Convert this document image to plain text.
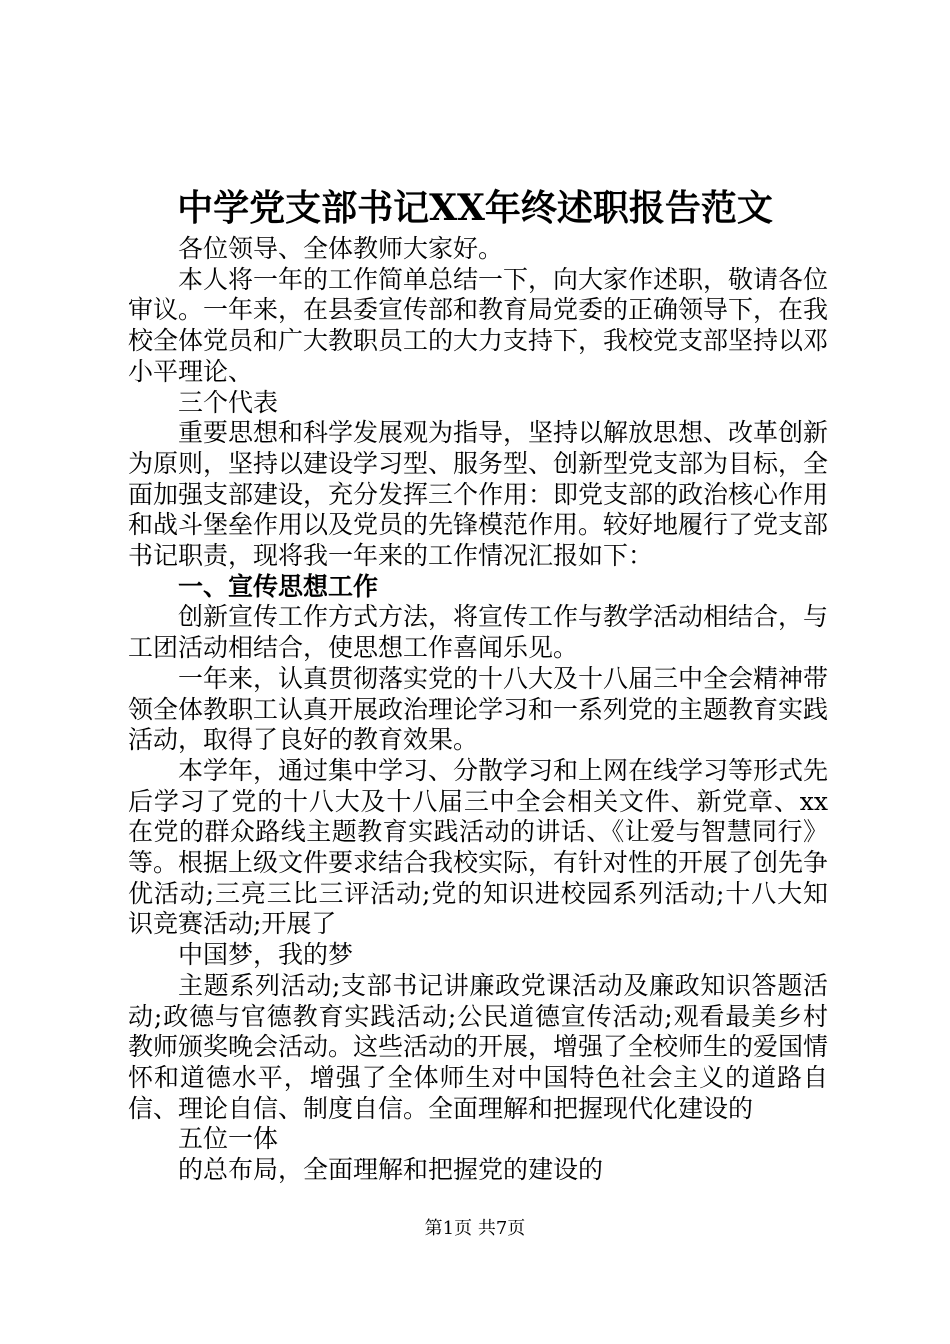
中学党支部书记XX年终述职报告范文

各位领导、全体教师大家好。

本人将一年的工作简单总结一下，向大家作述职，敬请各位审议。一年来，在县委宣传部和教育局党委的正确领导下，在我校全体党员和广大教职员工的大力支持下，我校党支部坚持以邓小平理论、

三个代表

重要思想和科学发展观为指导，坚持以解放思想、改革创新为原则，坚持以建设学习型、服务型、创新型党支部为目标，全面加强支部建设，充分发挥三个作用：即党支部的政治核心作用和战斗堡垒作用以及党员的先锋模范作用。较好地履行了党支部书记职责，现将我一年来的工作情况汇报如下：

一、宣传思想工作

创新宣传工作方式方法，将宣传工作与教学活动相结合，与工团活动相结合，使思想工作喜闻乐见。

一年来，认真贯彻落实党的十八大及十八届三中全会精神带领全体教职工认真开展政治理论学习和一系列党的主题教育实践活动，取得了良好的教育效果。

本学年，通过集中学习、分散学习和上网在线学习等形式先后学习了党的十八大及十八届三中全会相关文件、新党章、xx在党的群众路线主题教育实践活动的讲话、《让爱与智慧同行》等。根据上级文件要求结合我校实际，有针对性的开展了创先争优活动;三亮三比三评活动;党的知识进校园系列活动;十八大知识竞赛活动;开展了

中国梦，我的梦

主题系列活动;支部书记讲廉政党课活动及廉政知识答题活动;政德与官德教育实践活动;公民道德宣传活动;观看最美乡村教师颁奖晚会活动。这些活动的开展，增强了全校师生的爱国情怀和道德水平，增强了全体师生对中国特色社会主义的道路自信、理论自信、制度自信。全面理解和把握现代化建设的

五位一体

的总布局，全面理解和把握党的建设的

第1页 共7页
